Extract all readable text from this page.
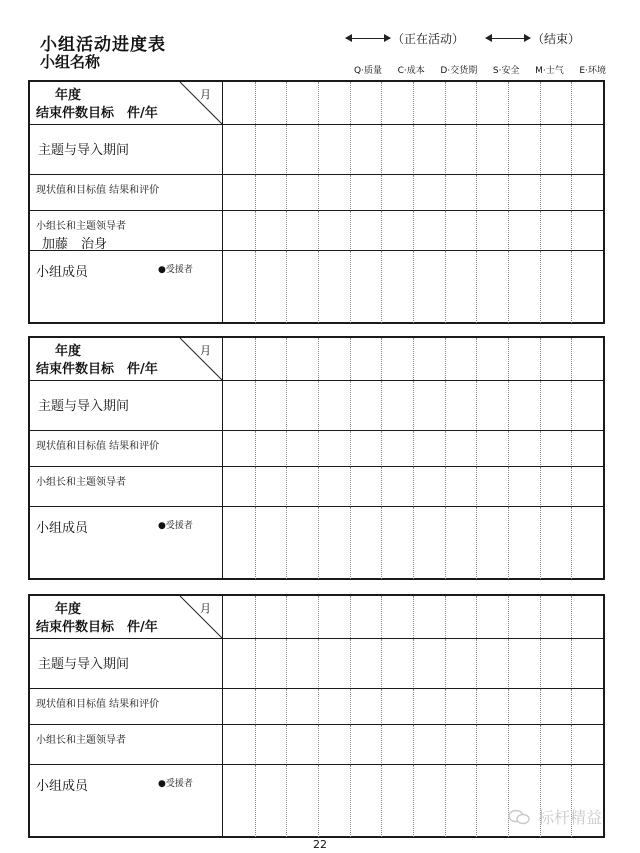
小组活动进度表
小组名称
（正在活动）	（结束）
Q·质量 C·成本 D·交货期 S·安全 M·士气 E·环境
年度
结束件数目标　件/年
月
主题与导入期间
现状值和目标值 结果和评价
小组长和主题领导者
加藤　治身
小组成员	●受援者
年度
结束件数目标　件/年
月
主题与导入期间
现状值和目标值 结果和评价
小组长和主题领导者
小组成员	●受援者
年度
结束件数目标　件/年
月
主题与导入期间
现状值和目标值 结果和评价
小组长和主题领导者
小组成员	●受援者
22
标杆精益
